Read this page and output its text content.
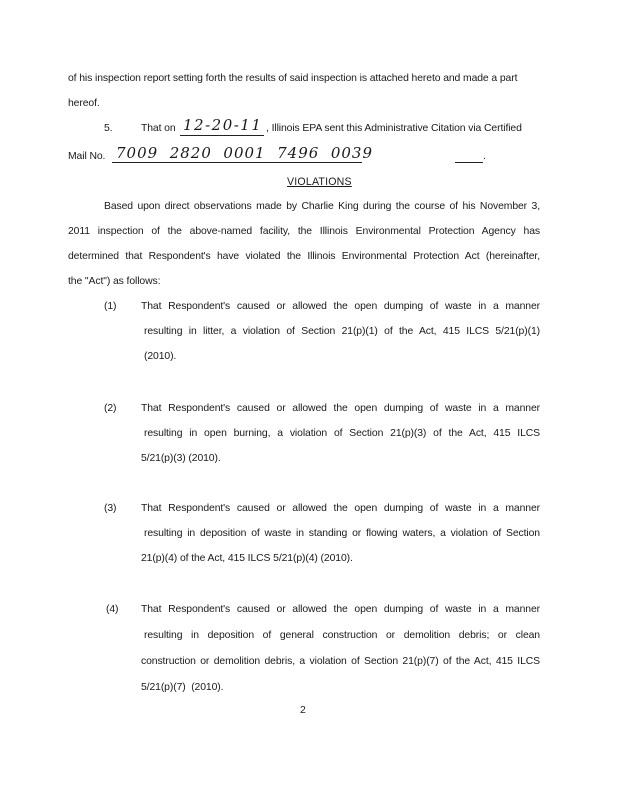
of his inspection report setting forth the results of said inspection is attached hereto and made a part
hereof.
5.	That on 12-20-11 , Illinois EPA sent this Administrative Citation via Certified
Mail No. 7009  2820  0001  7496  0039	.
VIOLATIONS
Based upon direct observations made by Charlie King during the course of his November 3,
2011 inspection of the above-named facility, the Illinois Environmental Protection Agency has
determined that Respondent's have violated the Illinois Environmental Protection Act (hereinafter,
the "Act") as follows:
(1) That Respondent's caused or allowed the open dumping of waste in a manner
resulting in litter, a violation of Section 21(p)(1) of the Act, 415 ILCS 5/21(p)(1)
(2010).
(2) That Respondent's caused or allowed the open dumping of waste in a manner
resulting in open burning, a violation of Section 21(p)(3) of the Act, 415 ILCS
5/21(p)(3) (2010).
(3) That Respondent's caused or allowed the open dumping of waste in a manner
resulting in deposition of waste in standing or flowing waters, a violation of Section
21(p)(4) of the Act, 415 ILCS 5/21(p)(4) (2010).
(4) That Respondent's caused or allowed the open dumping of waste in a manner
resulting in deposition of general construction or demolition debris; or clean
construction or demolition debris, a violation of Section 21(p)(7) of the Act, 415 ILCS
5/21(p)(7)  (2010).
2
